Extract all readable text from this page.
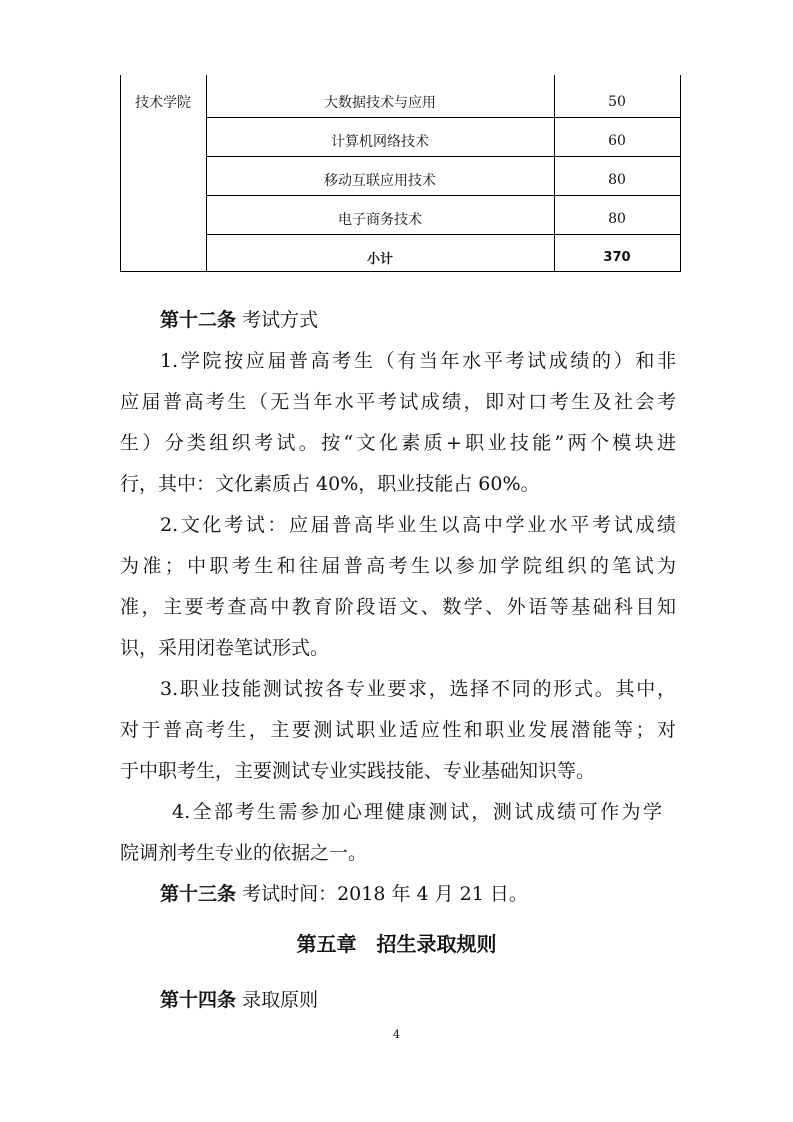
技术学院	大数据技术与应用	50
计算机网络技术	60
移动互联应用技术	80
电子商务技术	80
小计	370
第十二条 考试方式
1.学院按应届普高考生（有当年水平考试成绩的）和非
应届普高考生（无当年水平考试成绩，即对口考生及社会考
生）分类组织考试。按“文化素质+职业技能”两个模块进
行，其中：文化素质占 40%，职业技能占 60%。
2.文化考试：应届普高毕业生以高中学业水平考试成绩
为准；中职考生和往届普高考生以参加学院组织的笔试为
准，主要考查高中教育阶段语文、数学、外语等基础科目知
识，采用闭卷笔试形式。
3.职业技能测试按各专业要求，选择不同的形式。其中，
对于普高考生，主要测试职业适应性和职业发展潜能等；对
于中职考生，主要测试专业实践技能、专业基础知识等。
4.全部考生需参加心理健康测试，测试成绩可作为学
院调剂考生专业的依据之一。
第十三条 考试时间：2018 年 4 月 21 日。
第五章　招生录取规则
第十四条 录取原则
4
